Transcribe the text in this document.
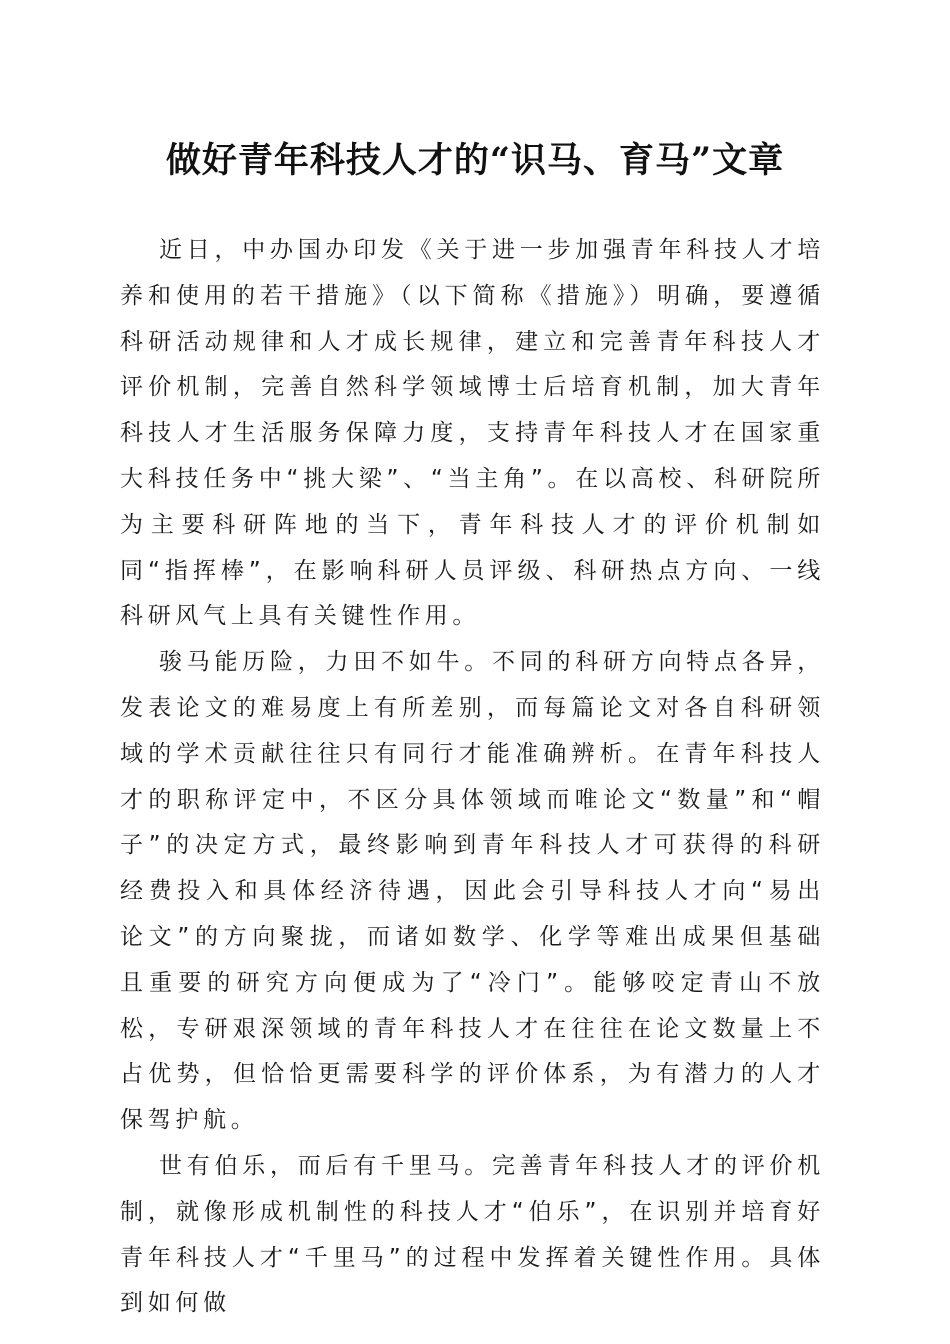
做好青年科技人才的“识马、育马”文章

近日，中办国办印发《关于进一步加强青年科技人才培养和使用的若干措施》（以下简称《措施》）明确，要遵循科研活动规律和人才成长规律，建立和完善青年科技人才评价机制，完善自然科学领域博士后培育机制，加大青年科技人才生活服务保障力度，支持青年科技人才在国家重大科技任务中“挑大梁”、“当主角”。在以高校、科研院所为主要科研阵地的当下，青年科技人才的评价机制如同“指挥棒”，在影响科研人员评级、科研热点方向、一线科研风气上具有关键性作用。

骏马能历险，力田不如牛。不同的科研方向特点各异，发表论文的难易度上有所差别，而每篇论文对各自科研领域的学术贡献往往只有同行才能准确辨析。在青年科技人才的职称评定中，不区分具体领域而唯论文“数量”和“帽子”的决定方式，最终影响到青年科技人才可获得的科研经费投入和具体经济待遇，因此会引导科技人才向“易出论文”的方向聚拢，而诸如数学、化学等难出成果但基础且重要的研究方向便成为了“冷门”。能够咬定青山不放松，专研艰深领域的青年科技人才在往往在论文数量上不占优势，但恰恰更需要科学的评价体系，为有潜力的人才保驾护航。

世有伯乐，而后有千里马。完善青年科技人才的评价机制，就像形成机制性的科技人才“伯乐”，在识别并培育好青年科技人才“千里马”的过程中发挥着关键性作用。具体到如何做
